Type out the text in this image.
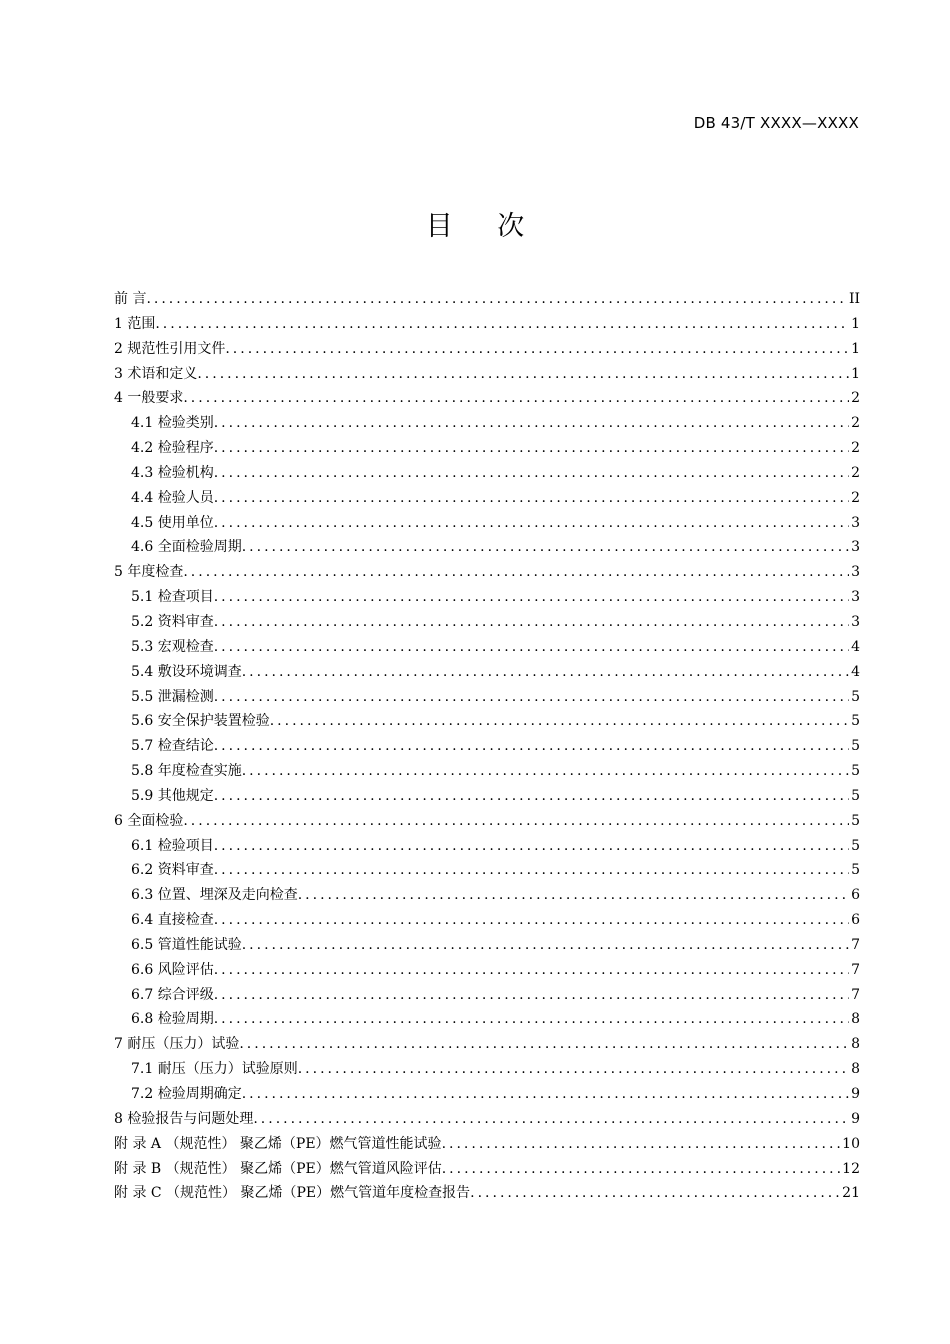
DB 43/T XXXX—XXXX
目 次
前 言 .....	II
1 范围 .....	1
2 规范性引用文件 .....	1
3 术语和定义 .....	1
4 一般要求 .....	2
4.1 检验类别 .....	2
4.2 检验程序 .....	2
4.3 检验机构 .....	2
4.4 检验人员 .....	2
4.5 使用单位 .....	3
4.6 全面检验周期 .....	3
5 年度检查 .....	3
5.1 检查项目 .....	3
5.2 资料审查 .....	3
5.3 宏观检查 .....	4
5.4 敷设环境调查 .....	4
5.5 泄漏检测 .....	5
5.6 安全保护装置检验 .....	5
5.7 检查结论 .....	5
5.8 年度检查实施 .....	5
5.9 其他规定 .....	5
6 全面检验 .....	5
6.1 检验项目 .....	5
6.2 资料审查 .....	5
6.3 位置、埋深及走向检查 .....	6
6.4 直接检查 .....	6
6.5 管道性能试验 .....	7
6.6 风险评估 .....	7
6.7 综合评级 .....	7
6.8 检验周期 .....	8
7 耐压（压力）试验 .....	8
7.1 耐压（压力）试验原则 .....	8
7.2 检验周期确定 .....	9
8 检验报告与问题处理 .....	9
附 录 A （规范性） 聚乙烯（PE）燃气管道性能试验 .....	10
附 录 B （规范性） 聚乙烯（PE）燃气管道风险评估 .....	12
附 录 C （规范性） 聚乙烯（PE）燃气管道年度检查报告 .....	21
